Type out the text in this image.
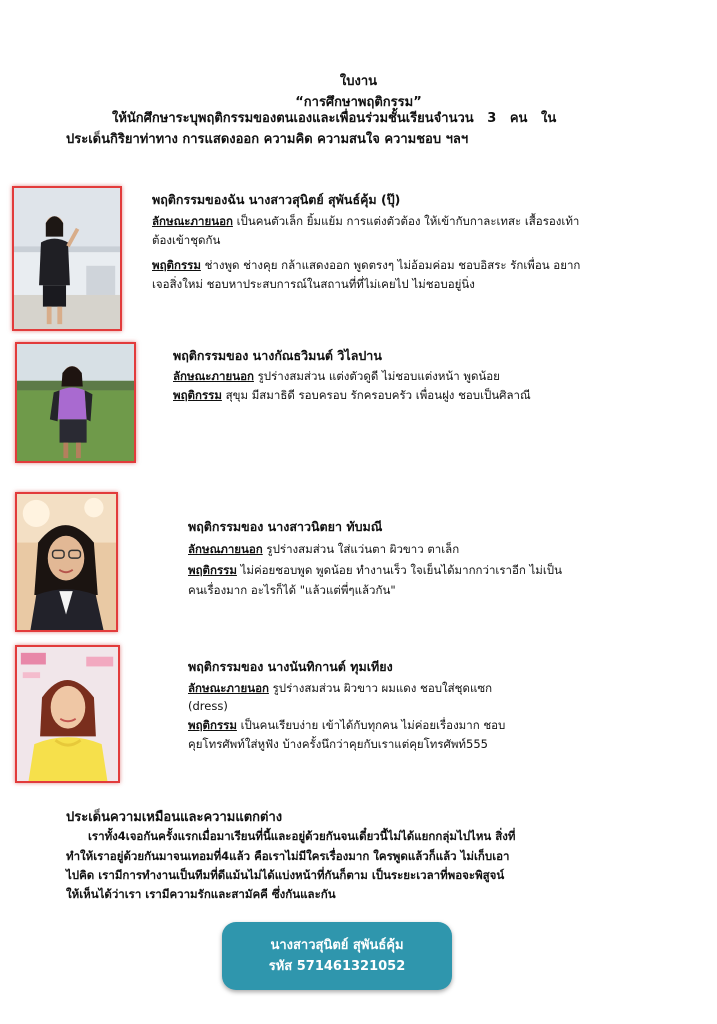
ใบงาน
“การศึกษาพฤติกรรม”
ให้นักศึกษาระบุพฤติกรรมของตนเองและเพื่อนร่วมชั้นเรียนจำนวน   3   คน   ใน
ประเด็นกิริยาท่าทาง การแสดงออก ความคิด ความสนใจ ความชอบ ฯลฯ
พฤติกรรมของฉัน นางสาวสุนิตย์ สุพันธ์คุ้ม (ปุ๊)
ลักษณะภายนอก เป็นคนตัวเล็ก ยิ้มแย้ม การแต่งตัวต้อง ให้เข้ากับกาละเทสะ เสื้อรองเท้า
ต้องเข้าชุดกัน
พฤติกรรม ช่างพูด ช่างคุย กล้าแสดงออก พูดตรงๆ ไม่อ้อมค่อม ชอบอิสระ รักเพื่อน อยาก
เจอสิ่งใหม่ ชอบหาประสบการณ์ในสถานที่ที่ไม่เคยไป ไม่ชอบอยู่นิ่ง
พฤติกรรมของ นางกัณธวิมนต์ วิไลปาน
ลักษณะภายนอก รูปร่างสมส่วน แต่งตัวดูดี ไม่ชอบแต่งหน้า พูดน้อย
พฤติกรรม สุขุม มีสมาธิดี รอบครอบ รักครอบครัว เพื่อนฝูง ชอบเป็นศิลาณี
พฤติกรรมของ นางสาวนิตยา ทับมณี
ลักษณภายนอก รูปร่างสมส่วน ใส่แว่นตา ผิวขาว ตาเล็ก
พฤติกรรม ไม่ค่อยชอบพูด พูดน้อย ทำงานเร็ว ใจเย็นได้มากกว่าเราอีก ไม่เป็น
คนเรื่องมาก อะไรก็ได้ "แล้วแต่พี่ๆแล้วกัน"
พฤติกรรมของ นางนันทิกานต์ ทุมเทียง
ลักษณะภายนอก รูปร่างสมส่วน ผิวขาว ผมแดง ชอบใส่ชุดแซก
(dress)
พฤติกรรม เป็นคนเรียบง่าย เข้าได้กับทุกคน ไม่ค่อยเรื่องมาก ชอบ
คุยโทรศัพท์ใส่หูฟัง บ้างครั้งนึกว่าคุยกับเราแต่คุยโทรศัพท์555
ประเด็นความเหมือนและความแตกต่าง
เราทั้ง4เจอกันครั้งแรกเมื่อมาเรียนที่นี้และอยู่ด้วยกันจนเดี๋ยวนี้ไม่ได้แยกกลุ่มไปไหน สิ่งที่
ทำให้เราอยู่ด้วยกันมาจนเทอมที่4แล้ว คือเราไม่มีใครเรื่องมาก ใครพูดแล้วก็แล้ว ไม่เก็บเอา
ไปคิด เรามีการทำงานเป็นทีมที่ดีแม้นไม่ได้แบ่งหน้าที่กันก็ตาม เป็นระยะเวลาที่พอจะพิสูจน์
ให้เห็นได้ว่าเรา เรามีความรักและสามัคคี ซึ่งกันและกัน
นางสาวสุนิตย์ สุพันธ์คุ้ม
รหัส 571461321052
